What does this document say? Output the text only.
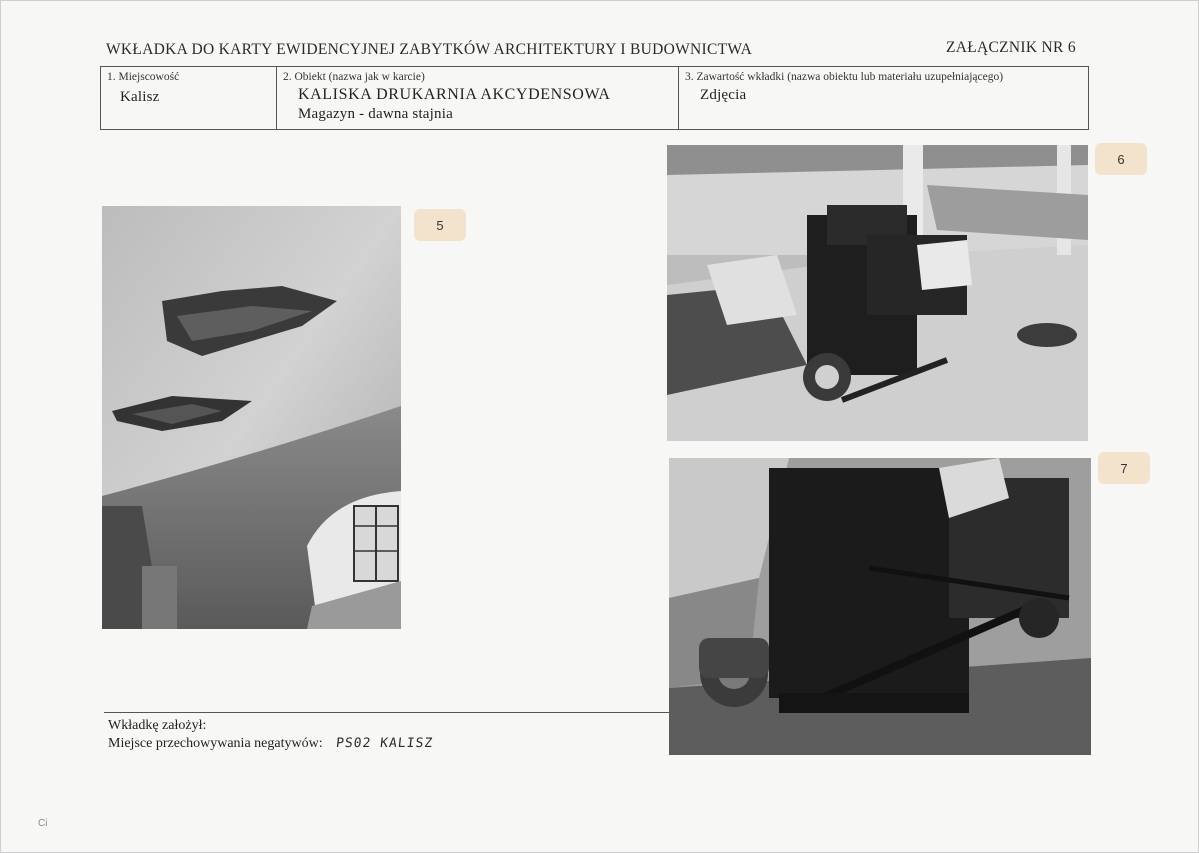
WKŁADKA DO KARTY EWIDENCYJNEJ ZABYTKÓW ARCHITEKTURY I BUDOWNICTWA	ZAŁĄCZNIK NR 6
1. Miejscowość
Kalisz
2. Obiekt (nazwa jak w karcie)
KALISKA DRUKARNIA AKCYDENSOWA
Magazyn - dawna stajnia
3. Zawartość wkładki (nazwa obiektu lub materiału uzupełniającego)
Zdjęcia
5
6
7
Wkładkę założył:
Miejsce przechowywania negatywów: PS02 KALISZ
Ci
